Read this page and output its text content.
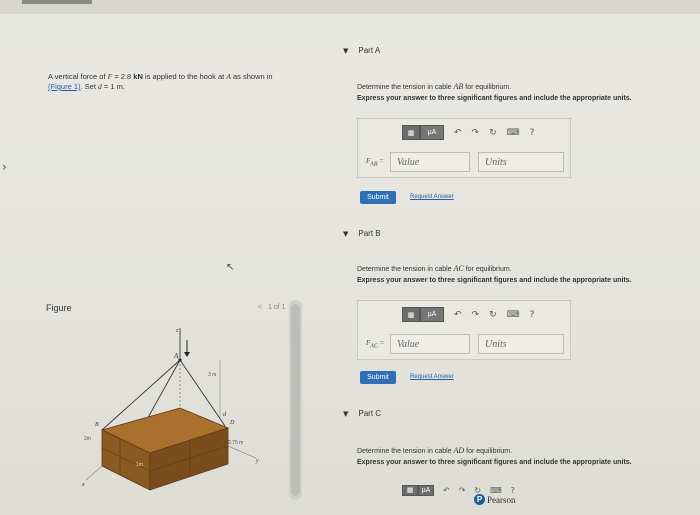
›
A vertical force of F = 2.8 kN is applied to the hook at A as shown in
(Figure 1). Set d = 1 m.
↖
Figure	< 1 of 1
z
A
3 m
B
C
D
d
0.75 m
2m
1m
y
x
▼ Part A
Determine the tension in cable AB for equilibrium.
Express your answer to three significant figures and include the appropriate units.
▦	μA	↶ ↷ ↻ ⌨ ?
$F_{AB}$ =	Value	Units
Submit	Request Answer
▼ Part B
Determine the tension in cable AC for equilibrium.
Express your answer to three significant figures and include the appropriate units.
▦	μA	↶ ↷ ↻ ⌨ ?
$F_{AC}$ =	Value	Units
Submit	Request Answer
▼ Part C
Determine the tension in cable AD for equilibrium.
Express your answer to three significant figures and include the appropriate units.
▦	μA	↶ ↷ ↻ ⌨ ?
P Pearson
